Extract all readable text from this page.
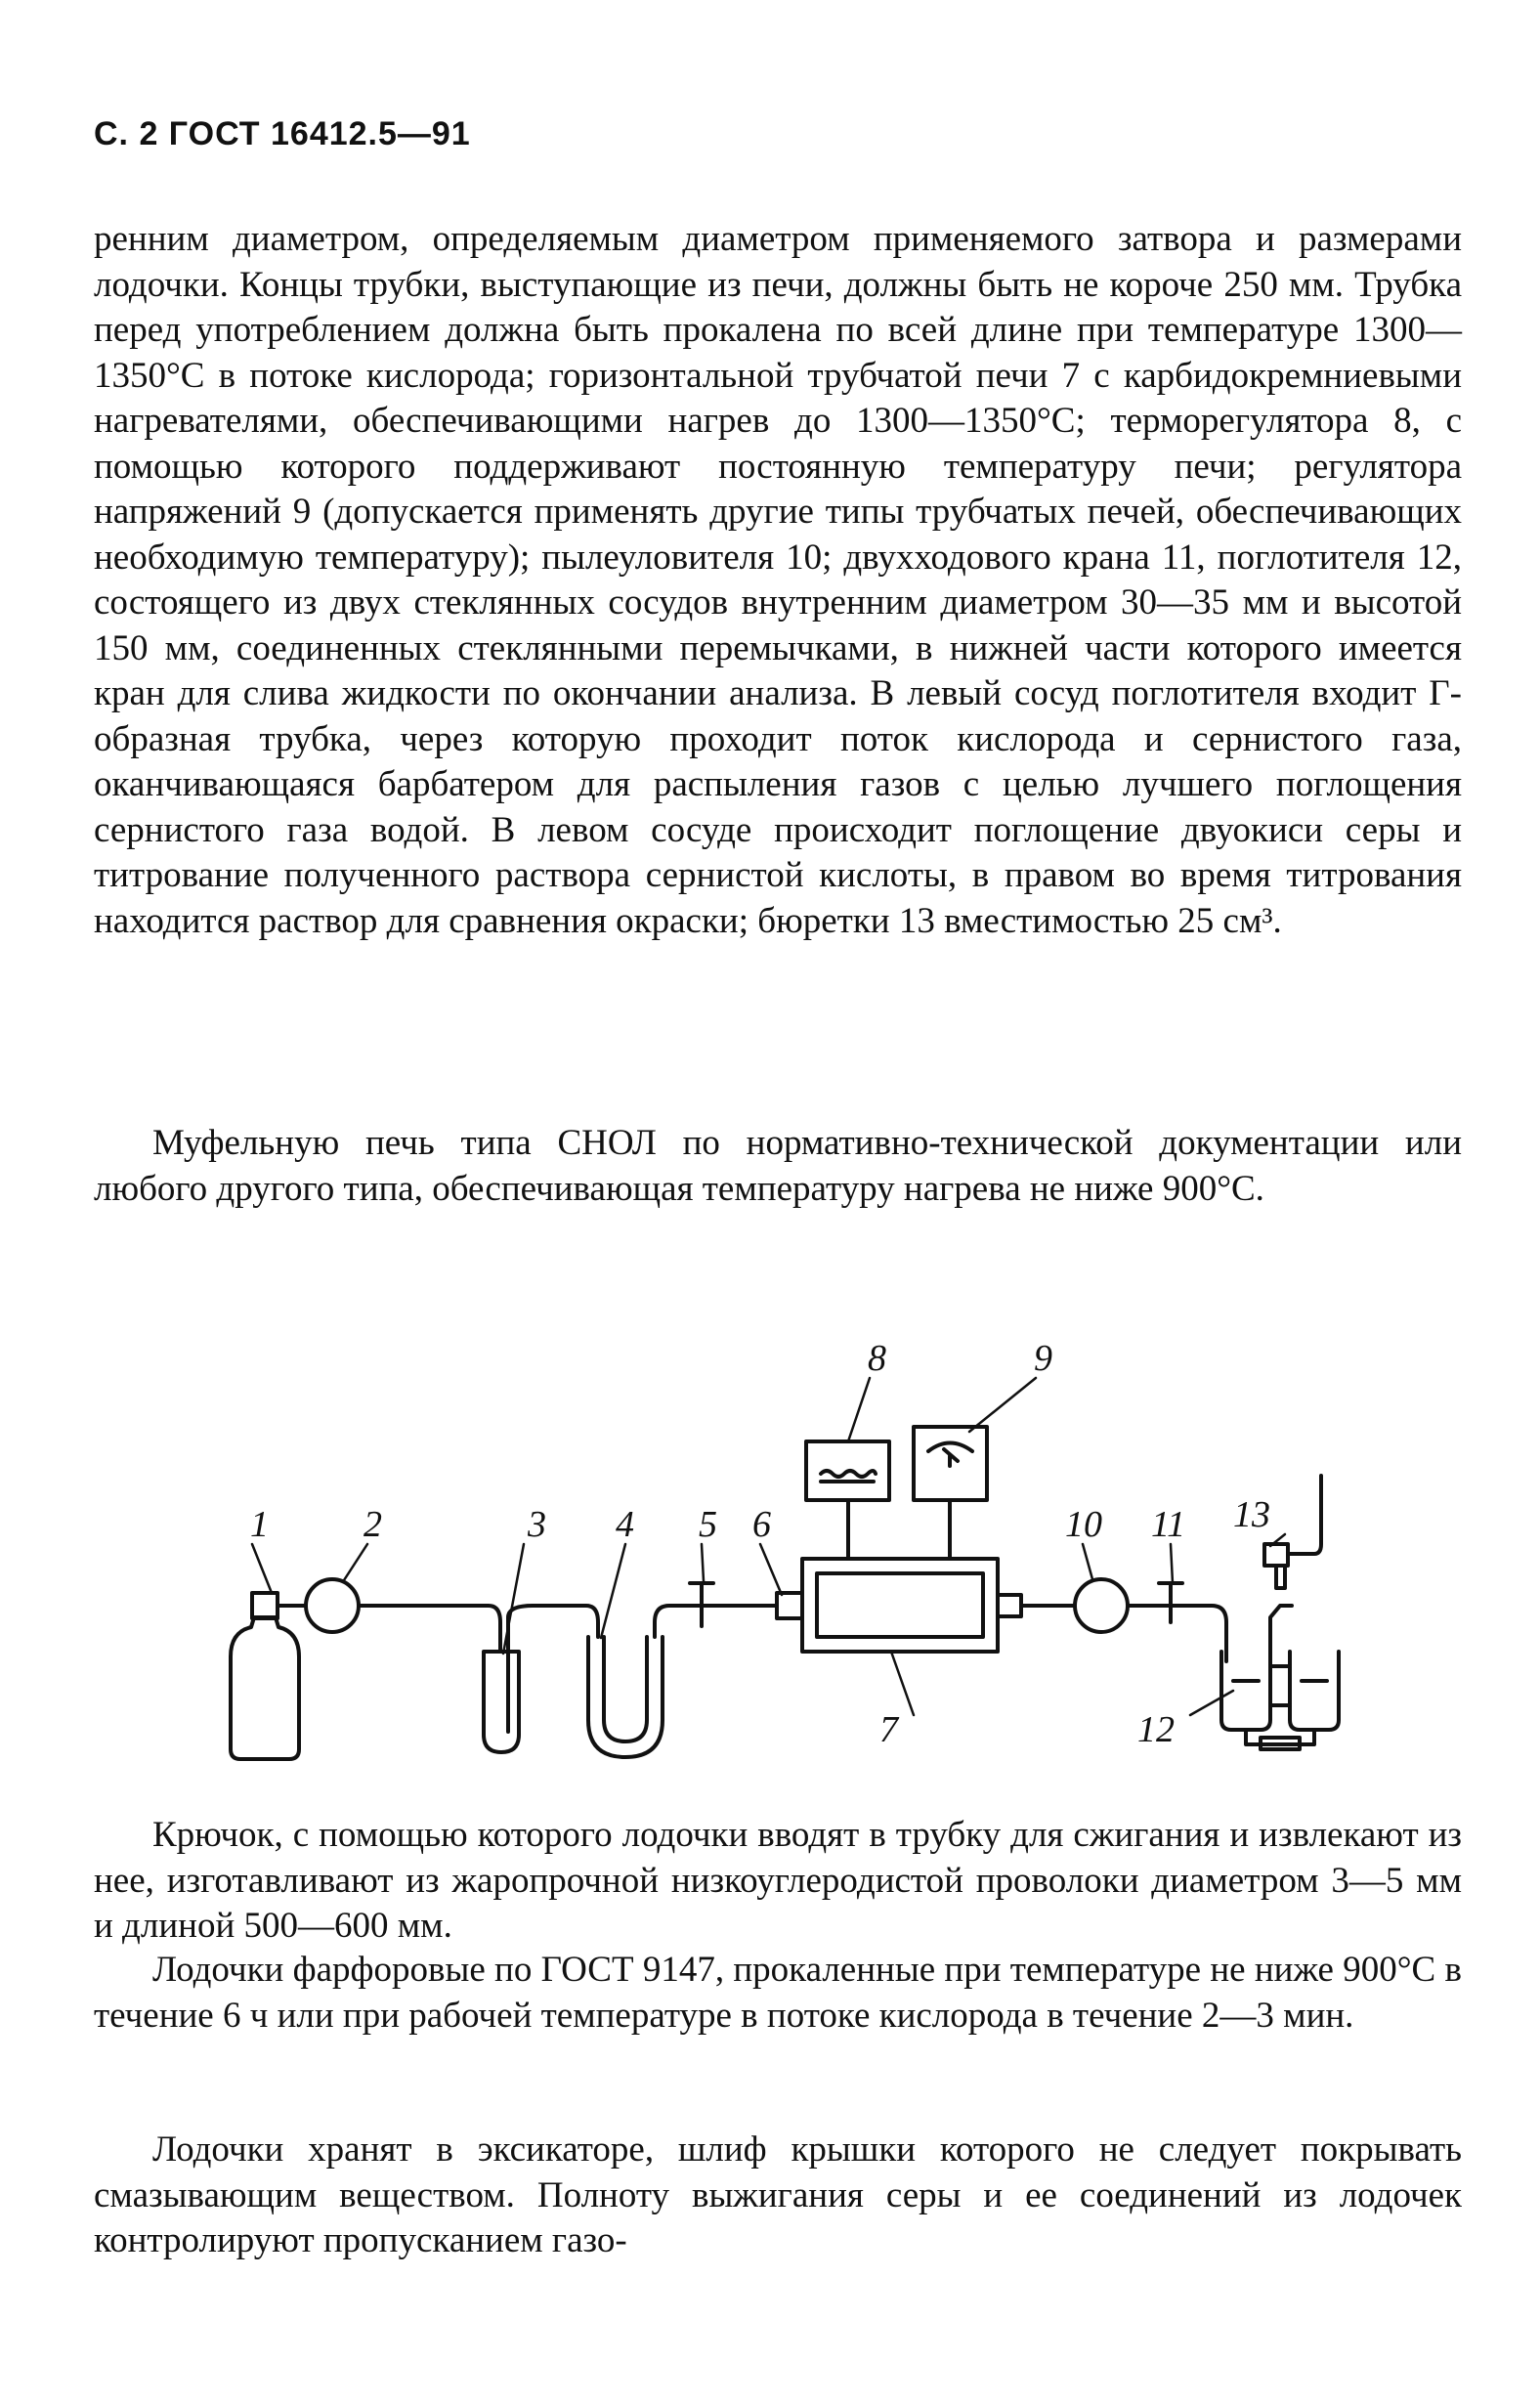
С. 2 ГОСТ 16412.5—91

ренним диаметром, определяемым диаметром применяемого затвора и размерами лодочки. Концы трубки, выступающие из печи, должны быть не короче 250 мм. Трубка перед употреблением должна быть прокалена по всей длине при температуре 1300—1350°С в потоке кислорода; горизонтальной трубчатой печи 7 с карбидокремниевыми нагревателями, обеспечивающими нагрев до 1300—1350°С; терморегулятора 8, с помощью которого поддерживают постоянную температуру печи; регулятора напряжений 9 (допускается применять другие типы трубчатых печей, обеспечивающих необходимую температуру); пылеуловителя 10; двухходового крана 11, поглотителя 12, состоящего из двух стеклянных сосудов внутренним диаметром 30—35 мм и высотой 150 мм, соединенных стеклянными перемычками, в нижней части которого имеется кран для слива жидкости по окончании анализа. В левый сосуд поглотителя входит Г-образная трубка, через которую проходит поток кислорода и сернистого газа, оканчивающаяся барбатером для распыления газов с целью лучшего поглощения сернистого газа водой. В левом сосуде происходит поглощение двуокиси серы и титрование полученного раствора сернистой кислоты, в правом во время титрования находится раствор для сравнения окраски; бюретки 13 вместимостью 25 см³.

Муфельную печь типа СНОЛ по нормативно-технической документации или любого другого типа, обеспечивающая температуру нагрева не ниже 900°С.

Крючок, с помощью которого лодочки вводят в трубку для сжигания и извлекают из нее, изготавливают из жаропрочной низкоуглеродистой проволоки диаметром 3—5 мм и длиной 500—600 мм.

Лодочки фарфоровые по ГОСТ 9147, прокаленные при температуре не ниже 900°С в течение 6 ч или при рабочей температуре в потоке кислорода в течение 2—3 мин.

Лодочки хранят в эксикаторе, шлиф крышки которого не следует покрывать смазывающим веществом. Полноту выжигания серы и ее соединений из лодочек контролируют пропусканием газо-

1	2	3 4 5 6
7
8	9
10 11
12
13
